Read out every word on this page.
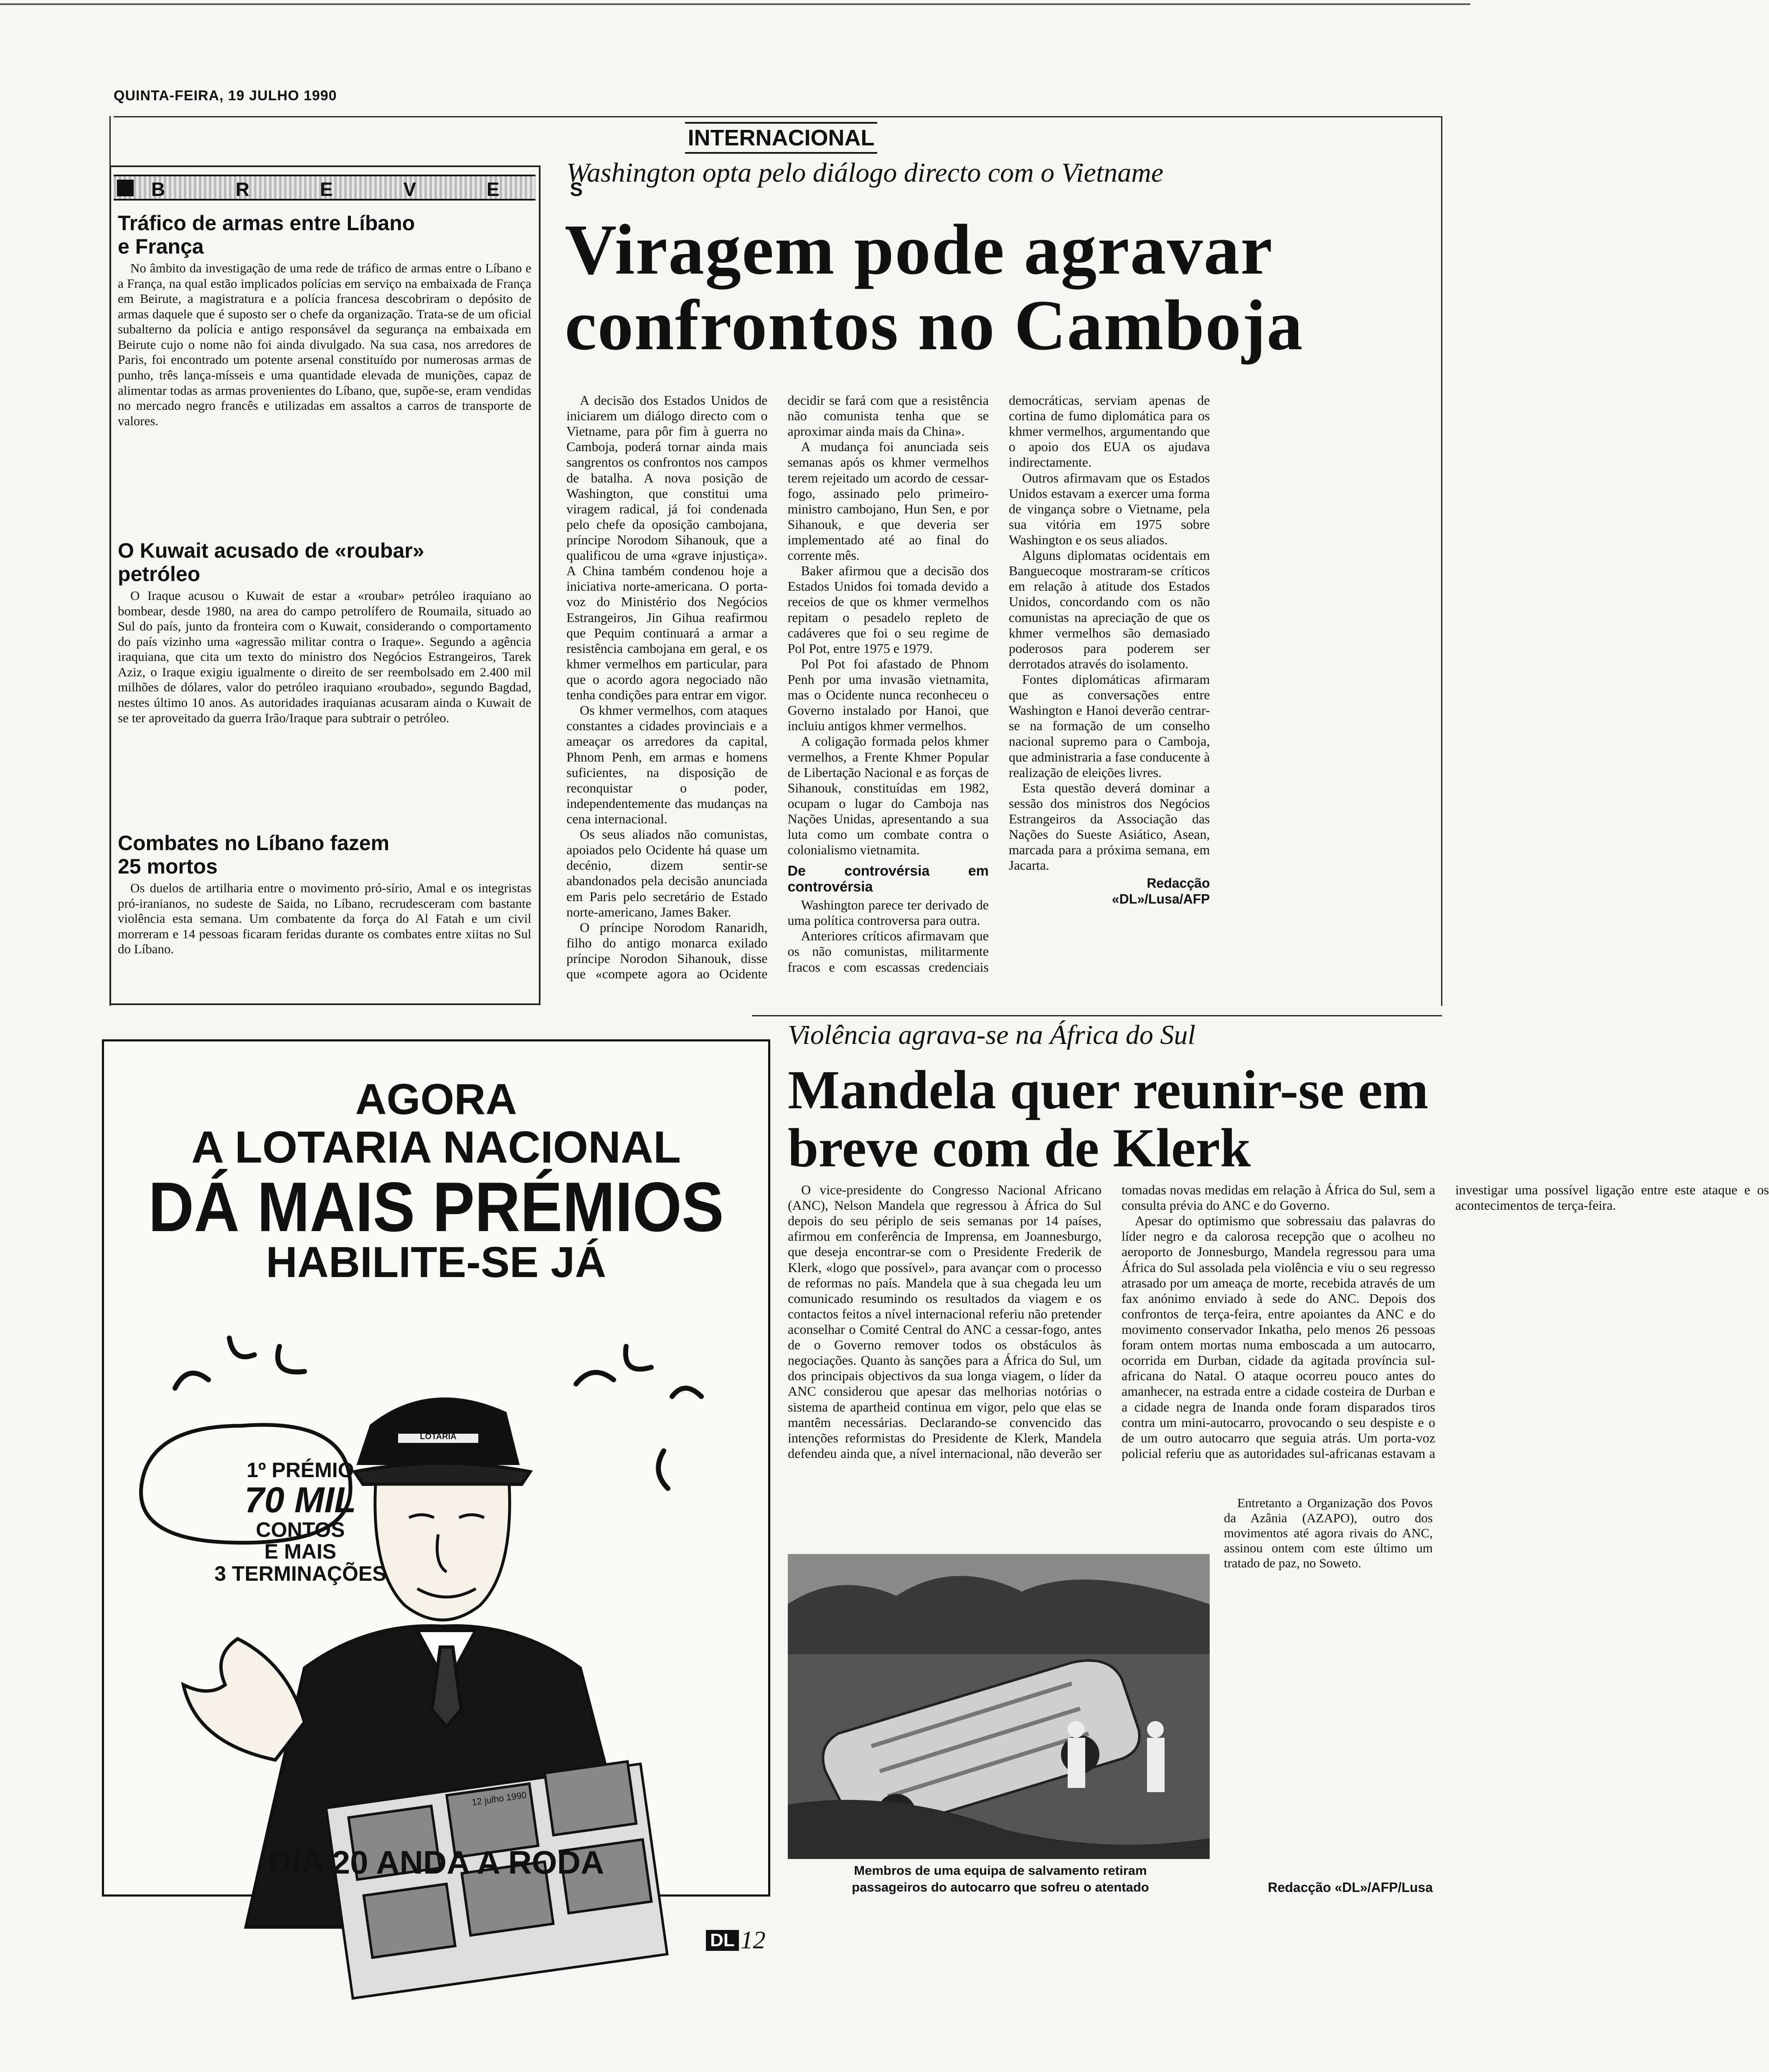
QUINTA-FEIRA, 19 JULHO 1990
INTERNACIONAL
B R E V E S
Tráfico de armas entre Líbano e França
No âmbito da investigação de uma rede de tráfico de armas entre o Líbano e a França, na qual estão implicados polícias em serviço na embaixada de França em Beirute, a magistratura e a polícia francesa descobriram o depósito de armas daquele que é suposto ser o chefe da organização. Trata-se de um oficial subalterno da polícia e antigo responsável da segurança na embaixada em Beirute cujo o nome não foi ainda divulgado. Na sua casa, nos arredores de Paris, foi encontrado um potente arsenal constituído por numerosas armas de punho, três lança-mísseis e uma quantidade elevada de munições, capaz de alimentar todas as armas provenientes do Líbano, que, supõe-se, eram vendidas no mercado negro francês e utilizadas em assaltos a carros de transporte de valores.
O Kuwait acusado de «roubar» petróleo
O Iraque acusou o Kuwait de estar a «roubar» petróleo iraquiano ao bombear, desde 1980, na area do campo petrolífero de Roumaila, situado ao Sul do país, junto da fronteira com o Kuwait, considerando o comportamento do país vizinho uma «agressão militar contra o Iraque». Segundo a agência iraquiana, que cita um texto do ministro dos Negócios Estrangeiros, Tarek Aziz, o Iraque exigiu igualmente o direito de ser reembolsado em 2.400 mil milhões de dólares, valor do petróleo iraquiano «roubado», segundo Bagdad, nestes último 10 anos. As autoridades iraquianas acusaram ainda o Kuwait de se ter aproveitado da guerra Irão/Iraque para subtrair o petróleo.
Combates no Líbano fazem 25 mortos
Os duelos de artilharia entre o movimento pró-sírio, Amal e os integristas pró-iranianos, no sudeste de Saida, no Líbano, recrudesceram com bastante violência esta semana. Um combatente da força do Al Fatah e um civil morreram e 14 pessoas ficaram feridas durante os combates entre xiitas no Sul do Líbano.
Washington opta pelo diálogo directo com o Vietname
Viragem pode agravar confrontos no Camboja

A decisão dos Estados Unidos de iniciarem um diálogo directo com o Vietname, para pôr fim à guerra no Camboja, poderá tornar ainda mais sangrentos os confrontos nos campos de batalha. A nova posição de Washington, que constitui uma viragem radical, já foi condenada pelo chefe da oposição cambojana, príncipe Norodom Sihanouk, que a qualificou de uma «grave injustiça». A China também condenou hoje a iniciativa norte-americana. O porta-voz do Ministério dos Negócios Estrangeiros, Jin Gihua reafirmou que Pequim continuará a armar a resistência cambojana em geral, e os khmer vermelhos em particular, para que o acordo agora negociado não tenha condições para entrar em vigor.

Os khmer vermelhos, com ataques constantes a cidades provinciais e a ameaçar os arredores da capital, Phnom Penh, em armas e homens suficientes, na disposição de reconquistar o poder, independentemente das mudanças na cena internacional.

Os seus aliados não comunistas, apoiados pelo Ocidente há quase um decénio, dizem sentir-se abandonados pela decisão anunciada em Paris pelo secretário de Estado norte-americano, James Baker.

O príncipe Norodom Ranaridh, filho do antigo monarca exilado príncipe Norodon Sihanouk, disse que «compete agora ao Ocidente decidir se fará com que a resistência não comunista tenha que se aproximar ainda mais da China».

A mudança foi anunciada seis semanas após os khmer vermelhos terem rejeitado um acordo de cessar-fogo, assinado pelo primeiro-ministro cambojano, Hun Sen, e por Sihanouk, e que deveria ser implementado até ao final do corrente mês.

Baker afirmou que a decisão dos Estados Unidos foi tomada devido a receios de que os khmer vermelhos repitam o pesadelo repleto de cadáveres que foi o seu regime de Pol Pot, entre 1975 e 1979.

Pol Pot foi afastado de Phnom Penh por uma invasão vietnamita, mas o Ocidente nunca reconheceu o Governo instalado por Hanoi, que incluiu antigos khmer vermelhos.

A coligação formada pelos khmer vermelhos, a Frente Khmer Popular de Libertação Nacional e as forças de Sihanouk, constituídas em 1982, ocupam o lugar do Camboja nas Nações Unidas, apresentando a sua luta como um combate contra o colonialismo vietnamita.

De controvérsia em controvérsia

Washington parece ter derivado de uma política controversa para outra.

Anteriores críticos afirmavam que os não comunistas, militarmente fracos e com escassas credenciais democráticas, serviam apenas de cortina de fumo diplomática para os khmer vermelhos, argumentando que o apoio dos EUA os ajudava indirectamente.

Outros afirmavam que os Estados Unidos estavam a exercer uma forma de vingança sobre o Vietname, pela sua vitória em 1975 sobre Washington e os seus aliados.

Alguns diplomatas ocidentais em Banguecoque mostraram-se críticos em relação à atitude dos Estados Unidos, concordando com os não comunistas na apreciação de que os khmer vermelhos são demasiado poderosos para poderem ser derrotados através do isolamento.

Fontes diplomáticas afirmaram que as conversações entre Washington e Hanoi deverão centrar-se na formação de um conselho nacional supremo para o Camboja, que administraria a fase conducente à realização de eleições livres.

Esta questão deverá dominar a sessão dos ministros dos Negócios Estrangeiros da Associação das Nações do Sueste Asiático, Asean, marcada para a próxima semana, em Jacarta.

Redacção
«DL»/Lusa/AFP
AGORA
A LOTARIA NACIONAL
DÁ MAIS PRÉMIOS
HABILITE-SE JÁ
LOTARIA
1º PRÉMIO
70 MIL CONTOS
E MAIS
3 TERMINAÇÕES
12 julho 1990
DIA 20 ANDA A RODA
Violência agrava-se na África do Sul
Mandela quer reunir-se em breve com de Klerk

O vice-presidente do Congresso Nacional Africano (ANC), Nelson Mandela que regressou à África do Sul depois do seu périplo de seis semanas por 14 países, afirmou em conferência de Imprensa, em Joannesburgo, que deseja encontrar-se com o Presidente Frederik de Klerk, «logo que possível», para avançar com o processo de reformas no país. Mandela que à sua chegada leu um comunicado resumindo os resultados da viagem e os contactos feitos a nível internacional referiu não pretender aconselhar o Comité Central do ANC a cessar-fogo, antes de o Governo remover todos os obstáculos às negociações. Quanto às sanções para a África do Sul, um dos principais objectivos da sua longa viagem, o líder da ANC considerou que apesar das melhorias notórias o sistema de apartheid continua em vigor, pelo que elas se mantêm necessárias. Declarando-se convencido das intenções reformistas do Presidente de Klerk, Mandela defendeu ainda que, a nível internacional, não deverão ser tomadas novas medidas em relação à África do Sul, sem a consulta prévia do ANC e do Governo.

Apesar do optimismo que sobressaiu das palavras do líder negro e da calorosa recepção que o acolheu no aeroporto de Jonnesburgo, Mandela regressou para uma África do Sul assolada pela violência e viu o seu regresso atrasado por um ameaça de morte, recebida através de um fax anónimo enviado à sede do ANC. Depois dos confrontos de terça-feira, entre apoiantes da ANC e do movimento conservador Inkatha, pelo menos 26 pessoas foram ontem mortas numa emboscada a um autocarro, ocorrida em Durban, cidade da agitada província sul-africana do Natal. O ataque ocorreu pouco antes do amanhecer, na estrada entre a cidade costeira de Durban e a cidade negra de Inanda onde foram disparados tiros contra um mini-autocarro, provocando o seu despiste e o de um outro autocarro que seguia atrás. Um porta-voz policial referiu que as autoridades sul-africanas estavam a investigar uma possível ligação entre este ataque e os acontecimentos de terça-feira.

Membros de uma equipa de salvamento retiram
passageiros do autocarro que sofreu o atentado

Entretanto a Organização dos Povos da Azânia (AZAPO), outro dos movimentos até agora rivais do ANC, assinou ontem com este último um tratado de paz, no Soweto.

Redacção «DL»/AFP/Lusa
DL 12
